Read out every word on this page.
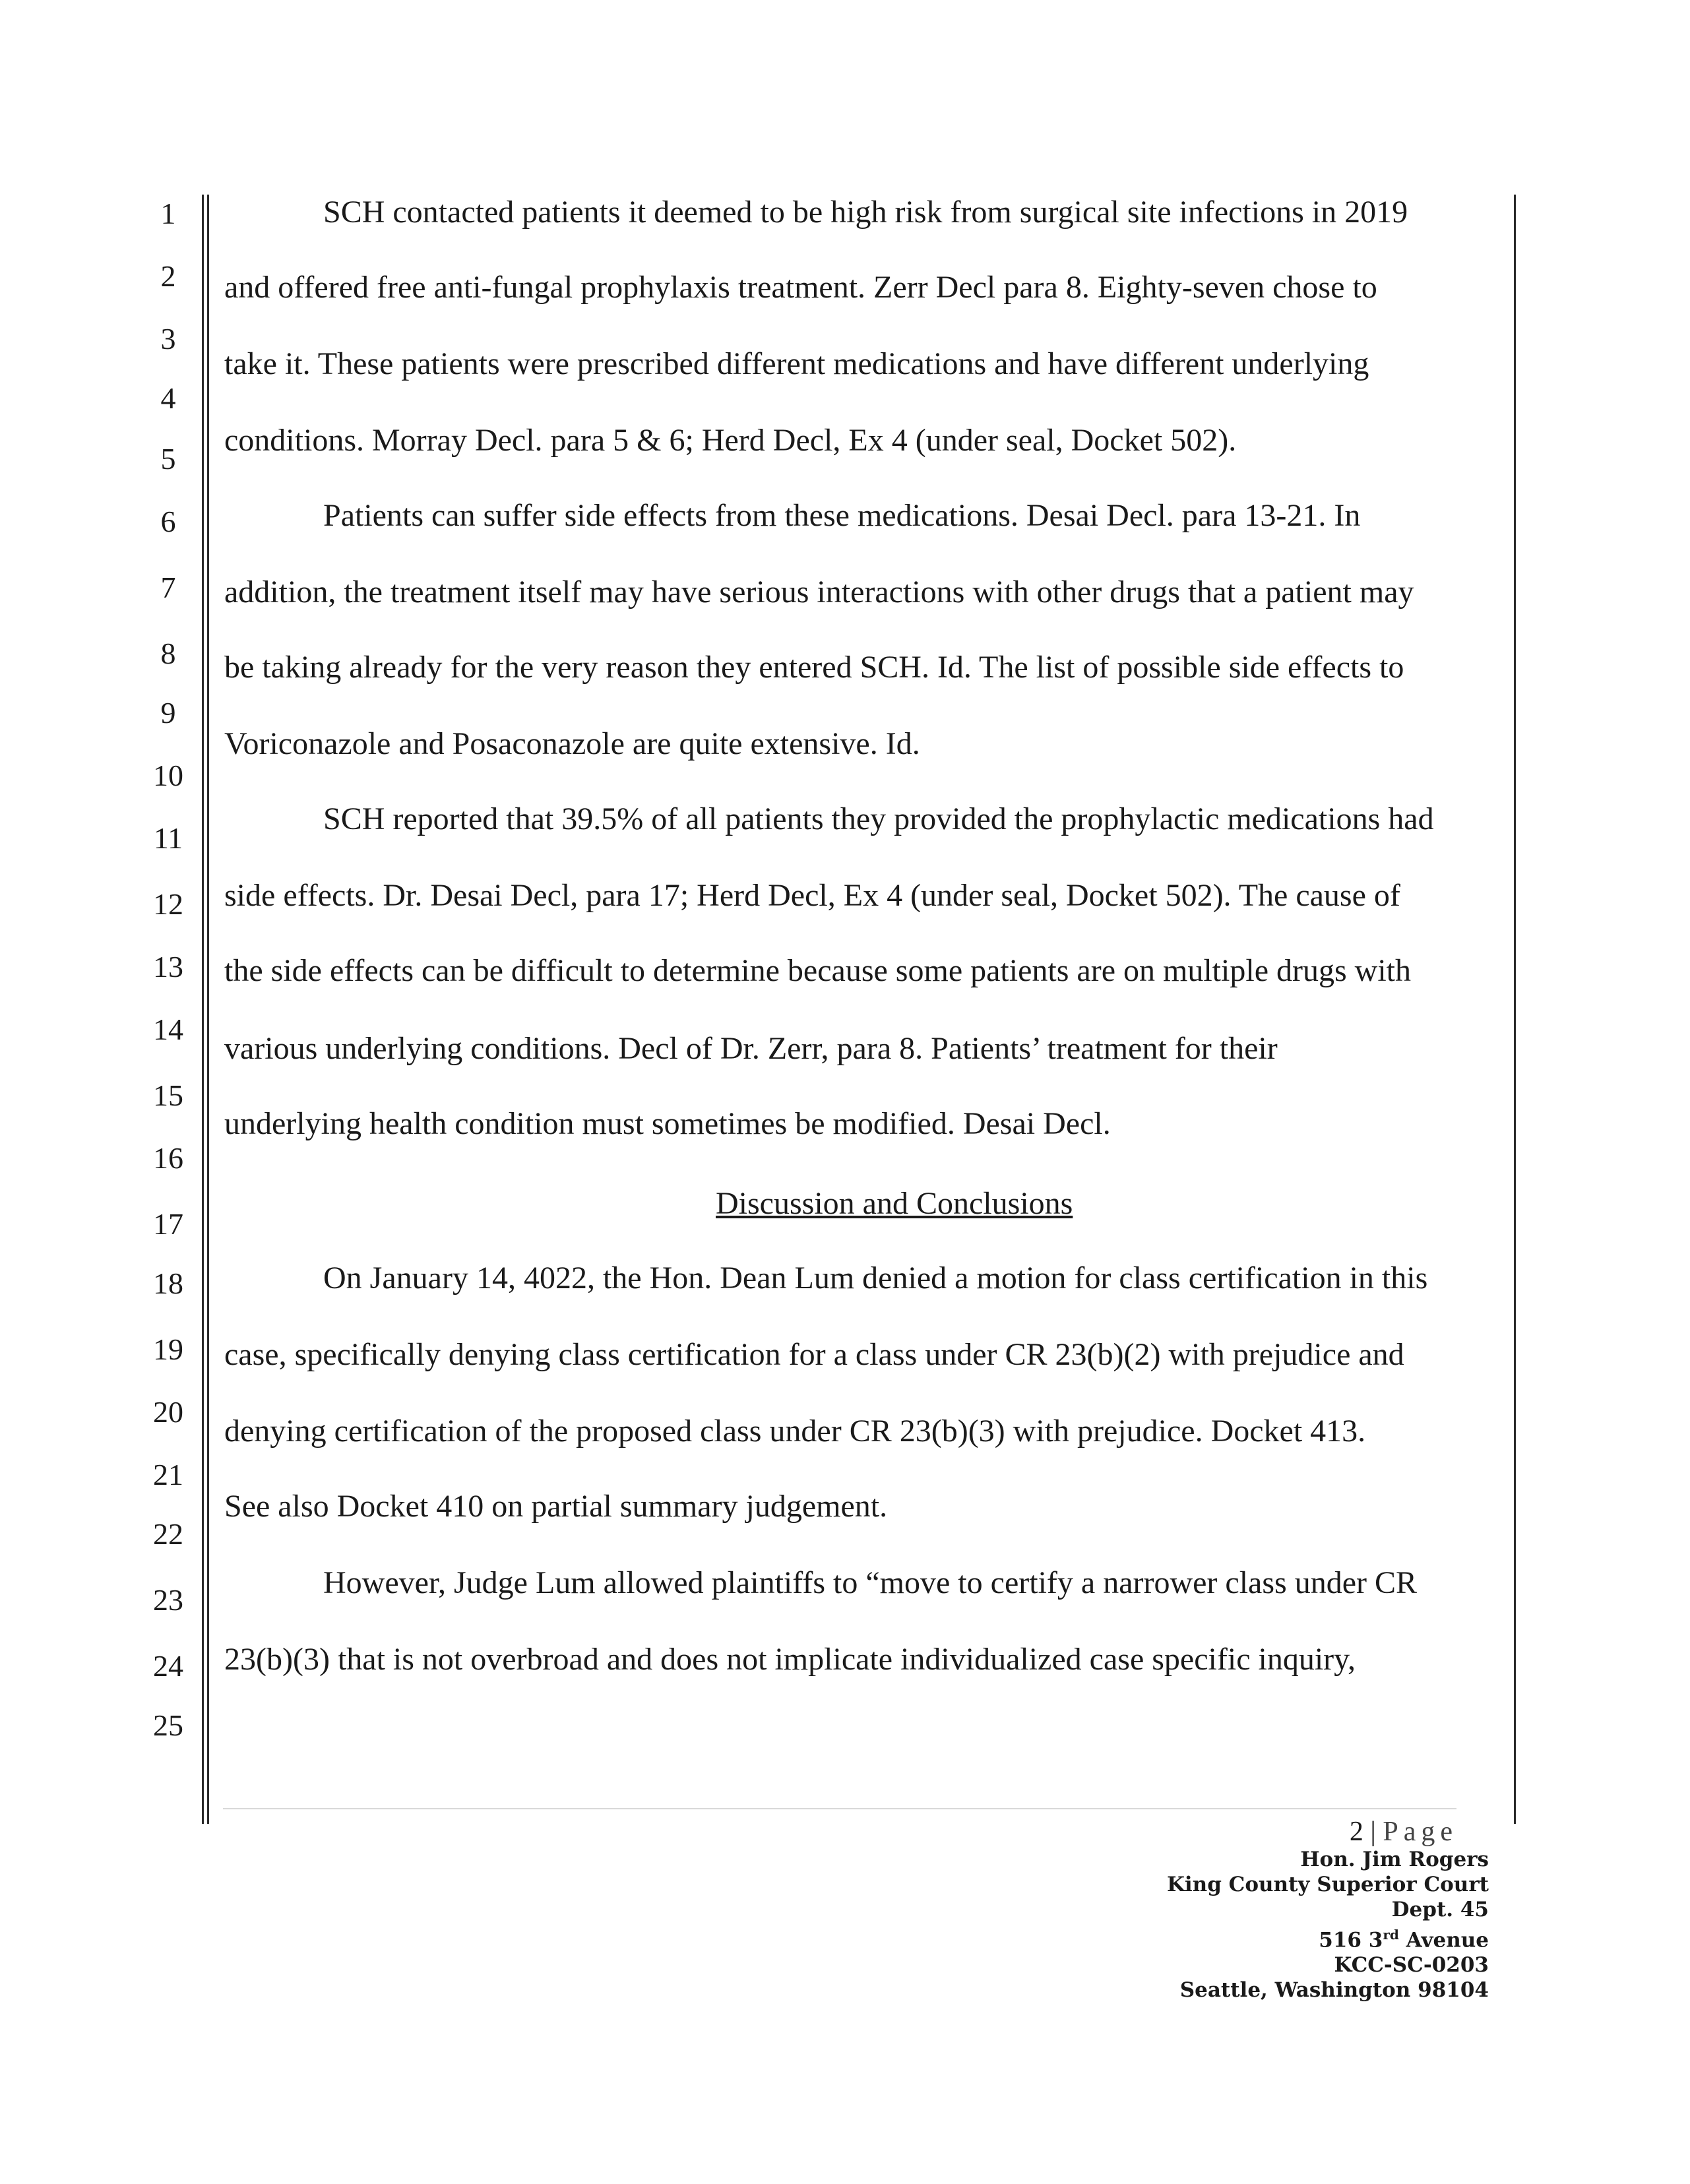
1
2
3
4
5
6
7
8
9
10
11
12
13
14
15
16
17
18
19
20
21
22
23
24
25
SCH contacted patients it deemed to be high risk from surgical site infections in 2019
and offered free anti-fungal prophylaxis treatment. Zerr Decl para 8. Eighty-seven chose to
take it. These patients were prescribed different medications and have different underlying
conditions. Morray Decl. para 5 & 6; Herd Decl, Ex 4 (under seal, Docket 502).
Patients can suffer side effects from these medications. Desai Decl. para 13-21. In
addition, the treatment itself may have serious interactions with other drugs that a patient may
be taking already for the very reason they entered SCH. Id. The list of possible side effects to
Voriconazole and Posaconazole are quite extensive. Id.
SCH reported that 39.5% of all patients they provided the prophylactic medications had
side effects. Dr. Desai Decl, para 17; Herd Decl, Ex 4 (under seal, Docket 502). The cause of
the side effects can be difficult to determine because some patients are on multiple drugs with
various underlying conditions. Decl of Dr. Zerr, para 8. Patients’ treatment for their
underlying health condition must sometimes be modified. Desai Decl.
Discussion and Conclusions
On January 14, 4022, the Hon. Dean Lum denied a motion for class certification in this
case, specifically denying class certification for a class under CR 23(b)(2) with prejudice and
denying certification of the proposed class under CR 23(b)(3) with prejudice. Docket 413.
See also Docket 410 on partial summary judgement.
However, Judge Lum allowed plaintiffs to “move to certify a narrower class under CR
23(b)(3) that is not overbroad and does not implicate individualized case specific inquiry,
2 | Page
Hon. Jim Rogers
King County Superior Court
Dept. 45
516 3rd Avenue
KCC-SC-0203
Seattle, Washington 98104
